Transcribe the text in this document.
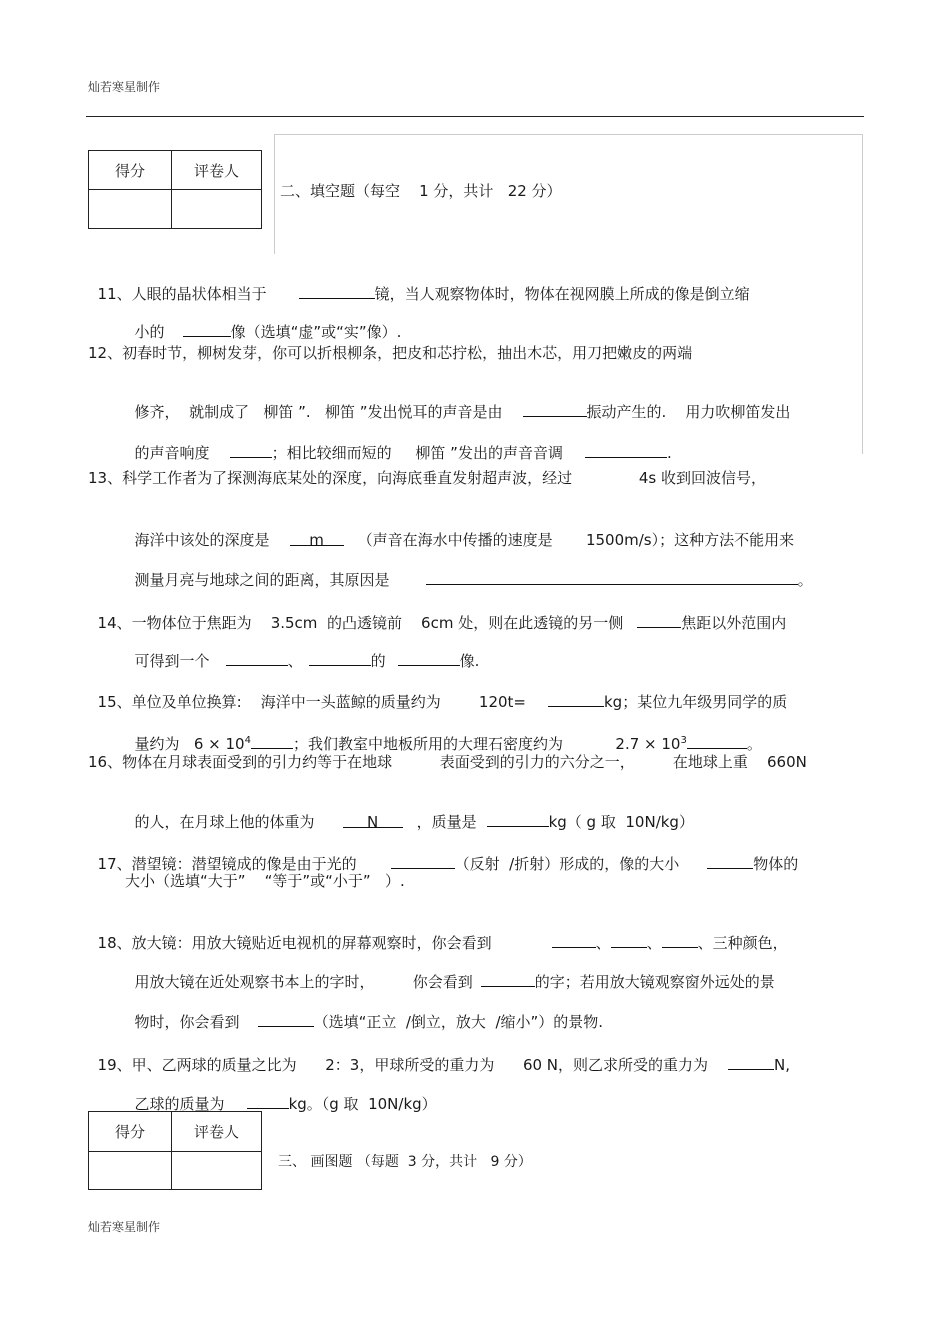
灿若寒星制作
得分	评卷人

二、填空题（每空    1 分，共计   22 分）

11、人眼的晶状体相当于	镜，当人观察物体时，物体在视网膜上所成的像是倒立缩

小的	像（选填“虚”或“实”像）.

12、初春时节，柳树发芽，你可以折根柳条，把皮和芯拧松，抽出木芯，用刀把嫩皮的两端

修齐，  就制成了   柳笛 ”.   柳笛 ”发出悦耳的声音是由	振动产生的.    用力吹柳笛发出

的声音响度	；相比较细而短的     柳笛 ”发出的声音音调	.

13、科学工作者为了探测海底某处的深度，向海底垂直发射超声波，经过              4s 收到回波信号，

海洋中该处的深度是	m （声音在海水中传播的速度是       1500m/s）；这种方法不能用来

测量月亮与地球之间的距离，其原因是	。

14、一物体位于焦距为    3.5cm  的凸透镜前    6cm 处，则在此透镜的另一侧	焦距以外范围内

可得到一个	、	的	像.

15、单位及单位换算:    海洋中一头蓝鲸的质量约为        120t=	kg；某位九年级男同学的质

量约为   $6 \times 10^4$	；我们教室中地板所用的大理石密度约为           $2.7 \times 10^3$	。

16、物体在月球表面受到的引力约等于在地球          表面受到的引力的六分之一，        在地球上重    660N

的人，在月球上他的体重为	N	，质量是	kg（ g 取  10N/kg）

17、潜望镜：潜望镜成的像是由于光的	（反射  /折射）形成的，像的大小	物体的

大小（选填“大于”    “等于”或“小于”   ）.

18、放大镜：用放大镜贴近电视机的屏幕观察时，你会看到	、 、 、三种颜色，

用放大镜在近处观察书本上的字时，        你会看到	的字；若用放大镜观察窗外远处的景

物时，你会看到	（选填“正立  /倒立，放大  /缩小”）的景物.

19、甲、乙两球的质量之比为      2：3，甲球所受的重力为      60 N，则乙求所受的重力为	N,

乙球的质量为	kg。（g 取  10N/kg）

得分	评卷人

三、 画图题 （每题  3 分，共计   9 分）
灿若寒星制作
